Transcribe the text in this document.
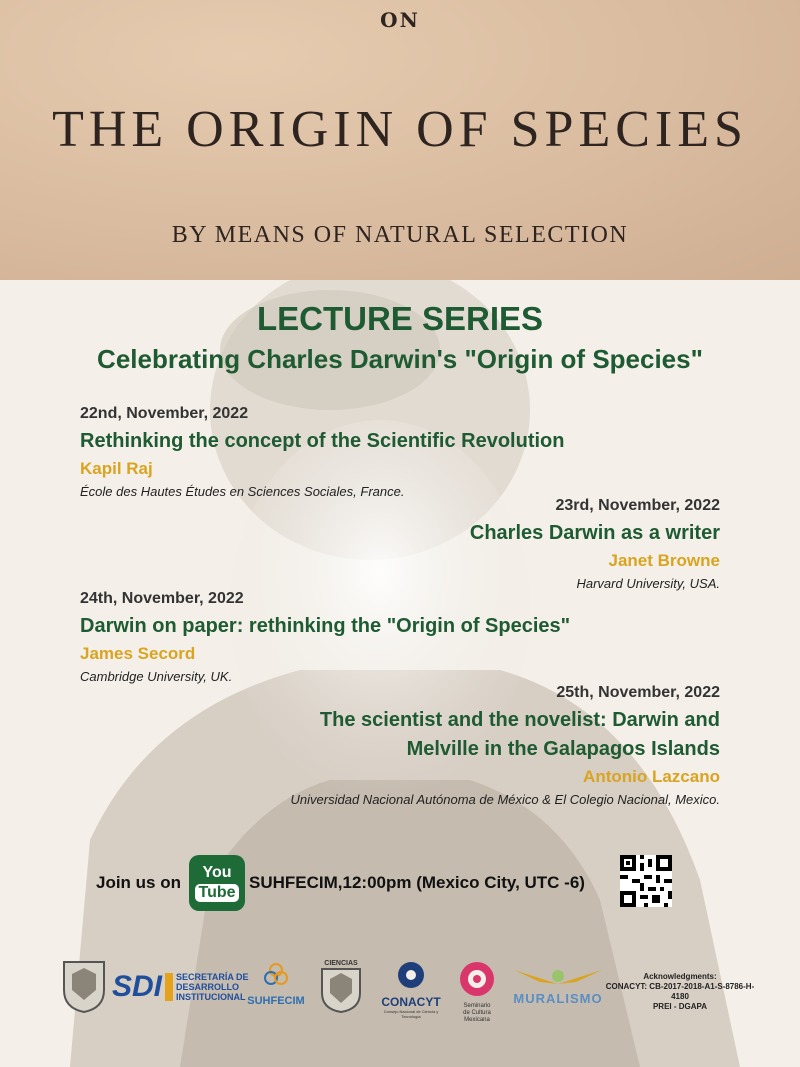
ON
THE ORIGIN OF SPECIES
BY MEANS OF NATURAL SELECTION
LECTURE SERIES
Celebrating Charles Darwin's "Origin of Species"
22nd, November, 2022
Rethinking the concept of the Scientific Revolution
Kapil Raj
École des Hautes Études en Sciences Sociales, France.
23rd, November, 2022
Charles Darwin as a writer
Janet Browne
Harvard University, USA.
24th, November, 2022
Darwin on paper: rethinking the "Origin of Species"
James Secord
Cambridge University, UK.
25th, November, 2022
The scientist and the novelist: Darwin and
Melville in the Galapagos Islands
Antonio Lazcano
Universidad Nacional Autónoma de México & El Colegio Nacional, Mexico.
Join us on
You
Tube
SUHFECIM,12:00pm (Mexico City, UTC -6)
SDI SECRETARÍA DE
DESARROLLO
INSTITUCIONAL SUHFECIM
CIENCIAS
CONACYT
Consejo Nacional de Ciencia y Tecnología
Seminario
de Cultura Mexicana
MURALISMO
Acknowledgments:
CONACYT: CB-2017-2018-A1-S-8786-H-4180
PREI - DGAPA
